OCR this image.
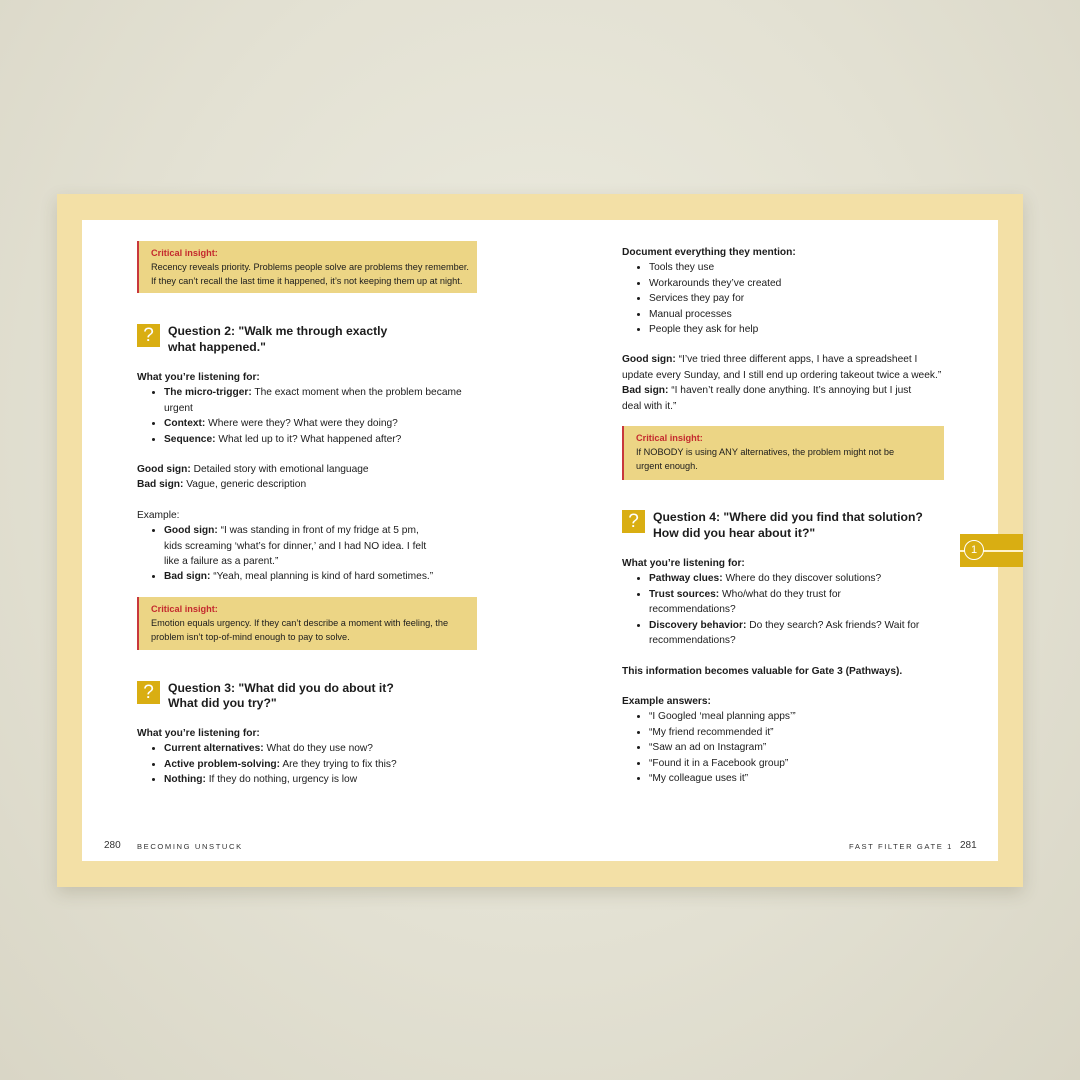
Critical insight:
Recency reveals priority. Problems people solve are problems they remember.
If they can’t recall the last time it happened, it’s not keeping them up at night.
?	Question 2: "Walk me through exactly what happened."

What you’re listening for:

• The micro-trigger: The exact moment when the problem became urgent
• Context: Where were they? What were they doing?
• Sequence: What led up to it? What happened after?

Good sign: Detailed story with emotional language

Bad sign: Vague, generic description

Example:

• Good sign: “I was standing in front of my fridge at 5 pm, kids screaming ‘what’s for dinner,’ and I had NO idea. I felt like a failure as a parent.”
• Bad sign: “Yeah, meal planning is kind of hard sometimes.”
Critical insight:
Emotion equals urgency. If they can’t describe a moment with feeling, the problem isn’t top-of-mind enough to pay to solve.
?	Question 3: "What did you do about it? What did you try?"

What you’re listening for:

• Current alternatives: What do they use now?
• Active problem-solving: Are they trying to fix this?
• Nothing: If they do nothing, urgency is low
280 BECOMING UNSTUCK

Document everything they mention:

• Tools they use
• Workarounds they’ve created
• Services they pay for
• Manual processes
• People they ask for help

Good sign: “I’ve tried three different apps, I have a spreadsheet I update every Sunday, and I still end up ordering takeout twice a week.”

Bad sign: “I haven’t really done anything. It’s annoying but I just deal with it.”

Critical insight:
If NOBODY is using ANY alternatives, the problem might not be urgent enough.
?	Question 4: "Where did you find that solution? How did you hear about it?"

What you’re listening for:

• Pathway clues: Where do they discover solutions?
• Trust sources: Who/what do they trust for recommendations?
• Discovery behavior: Do they search? Ask friends? Wait for recommendations?

This information becomes valuable for Gate 3 (Pathways).

Example answers:

• “I Googled ‘meal planning apps’”
• “My friend recommended it”
• “Saw an ad on Instagram”
• “Found it in a Facebook group”
• “My colleague uses it”
FAST FILTER GATE 1 281
1
